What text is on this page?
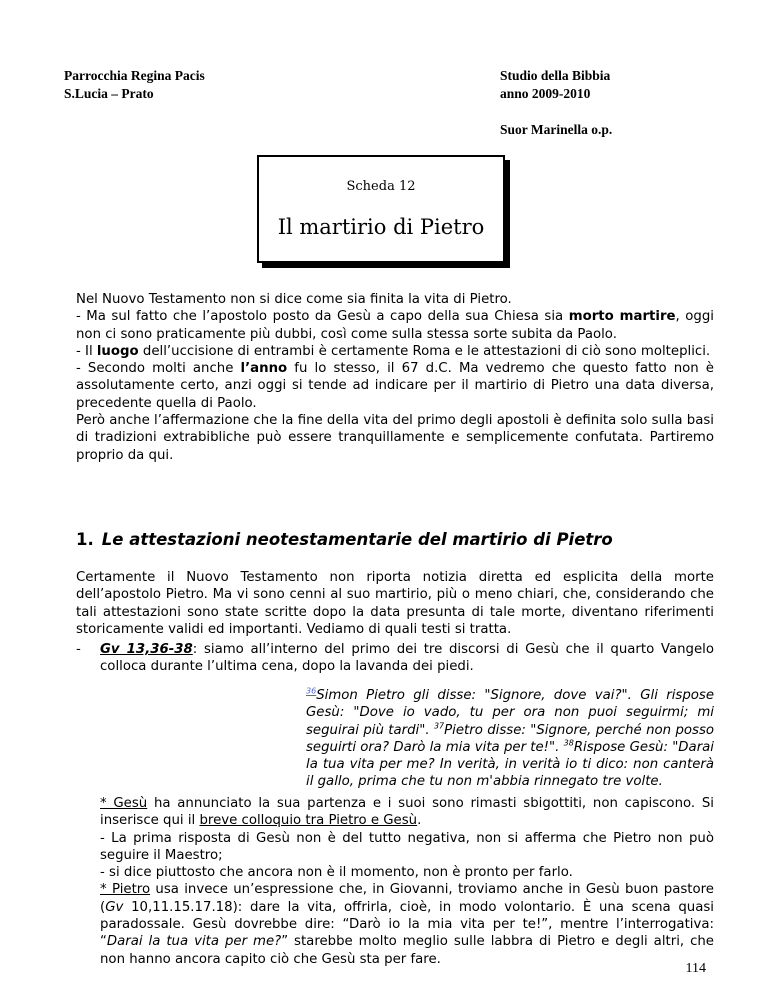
Parrocchia Regina Pacis
S.Lucia – Prato
Studio della Bibbia
anno 2009-2010
Suor Marinella o.p.
Scheda 12
Il martirio di Pietro

Nel Nuovo Testamento non si dice come sia finita la vita di Pietro.

- Ma sul fatto che l’apostolo posto da Gesù a capo della sua Chiesa sia morto martire, oggi non ci sono praticamente più dubbi, così come sulla stessa sorte subita da Paolo.

- Il luogo dell’uccisione di entrambi è certamente Roma e le attestazioni di ciò sono molteplici.

- Secondo molti anche l’anno fu lo stesso, il 67 d.C. Ma vedremo che questo fatto non è assolutamente certo, anzi oggi si tende ad indicare per il martirio di Pietro una data diversa, precedente quella di Paolo.

Però anche l’affermazione che la fine della vita del primo degli apostoli è definita solo sulla basi di tradizioni extrabibliche può essere tranquillamente e semplicemente confutata. Partiremo proprio da qui.

1. Le attestazioni neotestamentarie del martirio di Pietro

Certamente il Nuovo Testamento non riporta notizia diretta ed esplicita della morte dell’apostolo Pietro. Ma vi sono cenni al suo martirio, più o meno chiari, che, considerando che tali attestazioni sono state scritte dopo la data presunta di tale morte, diventano riferimenti storicamente validi ed importanti. Vediamo di quali testi si tratta.

- Gv 13,36-38: siamo all’interno del primo dei tre discorsi di Gesù che il quarto Vangelo colloca durante l’ultima cena, dopo la lavanda dei piedi.
$^{36}$Simon Pietro gli disse: "Signore, dove vai?". Gli rispose Gesù: "Dove io vado, tu per ora non puoi seguirmi; mi seguirai più tardi". $^{37}$Pietro disse: "Signore, perché non posso seguirti ora? Darò la mia vita per te!". $^{38}$Rispose Gesù: "Darai la tua vita per me? In verità, in verità io ti dico: non canterà il gallo, prima che tu non m'abbia rinnegato tre volte.

* Gesù ha annunciato la sua partenza e i suoi sono rimasti sbigottiti, non capiscono. Si inserisce qui il breve colloquio tra Pietro e Gesù.

- La prima risposta di Gesù non è del tutto negativa, non si afferma che Pietro non può seguire il Maestro;

- si dice piuttosto che ancora non è il momento, non è pronto per farlo.

* Pietro usa invece un’espressione che, in Giovanni, troviamo anche in Gesù buon pastore (Gv 10,11.15.17.18): dare la vita, offrirla, cioè, in modo volontario. È una scena quasi paradossale. Gesù dovrebbe dire: “Darò io la mia vita per te!”, mentre l’interrogativa: “Darai la tua vita per me?” starebbe molto meglio sulle labbra di Pietro e degli altri, che non hanno ancora capito ciò che Gesù sta per fare.

114
